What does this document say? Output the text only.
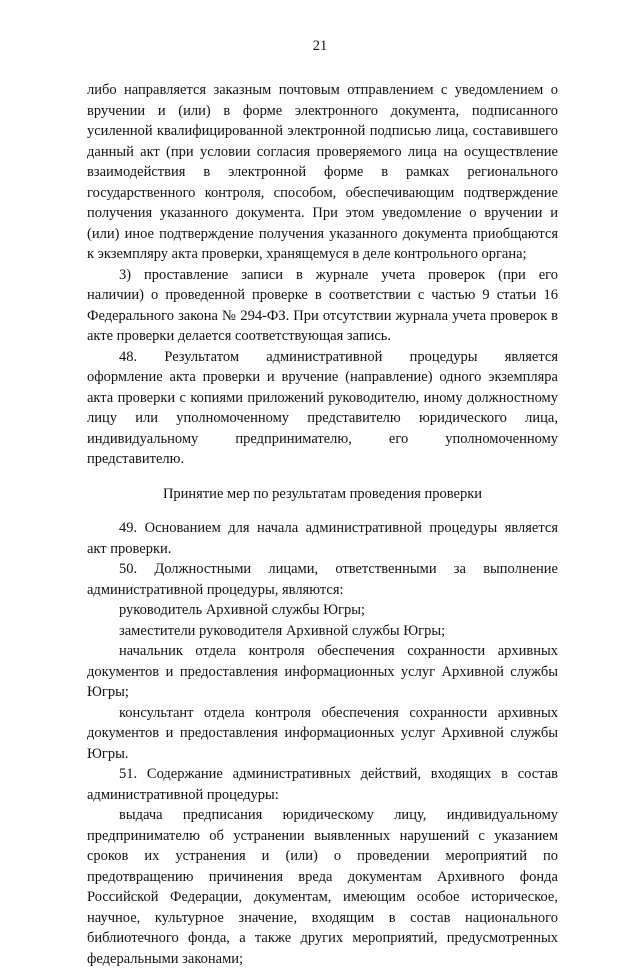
21
либо направляется заказным почтовым отправлением с уведомлением о
вручении и (или) в форме электронного документа, подписанного
усиленной квалифицированной электронной подписью лица, составившего
данный акт (при условии согласия проверяемого лица на осуществление
взаимодействия в электронной форме в рамках регионального
государственного контроля, способом, обеспечивающим подтверждение
получения указанного документа. При этом уведомление о вручении и
(или) иное подтверждение получения указанного документа приобщаются
к экземпляру акта проверки, хранящемуся в деле контрольного органа;
3) проставление записи в журнале учета проверок (при его
наличии) о проведенной проверке в соответствии с частью 9 статьи 16
Федерального закона № 294-ФЗ. При отсутствии журнала учета проверок в
акте проверки делается соответствующая запись.
48. Результатом административной процедуры является
оформление акта проверки и вручение (направление) одного экземпляра
акта проверки с копиями приложений руководителю, иному должностному
лицу или уполномоченному представителю юридического лица,
индивидуальному предпринимателю, его уполномоченному
представителю.
Принятие мер по результатам проведения проверки
49. Основанием для начала административной процедуры является
акт проверки.
50. Должностными лицами, ответственными за выполнение
административной процедуры, являются:
руководитель Архивной службы Югры;
заместители руководителя Архивной службы Югры;
начальник отдела контроля обеспечения сохранности архивных
документов и предоставления информационных услуг Архивной службы
Югры;
консультант отдела контроля обеспечения сохранности архивных
документов и предоставления информационных услуг Архивной службы
Югры.
51. Содержание административных действий, входящих в состав
административной процедуры:
выдача предписания юридическому лицу, индивидуальному
предпринимателю об устранении выявленных нарушений с указанием
сроков их устранения и (или) о проведении мероприятий по
предотвращению причинения вреда документам Архивного фонда
Российской Федерации, документам, имеющим особое историческое,
научное, культурное значение, входящим в состав национального
библиотечного фонда, а также других мероприятий, предусмотренных
федеральными законами;
